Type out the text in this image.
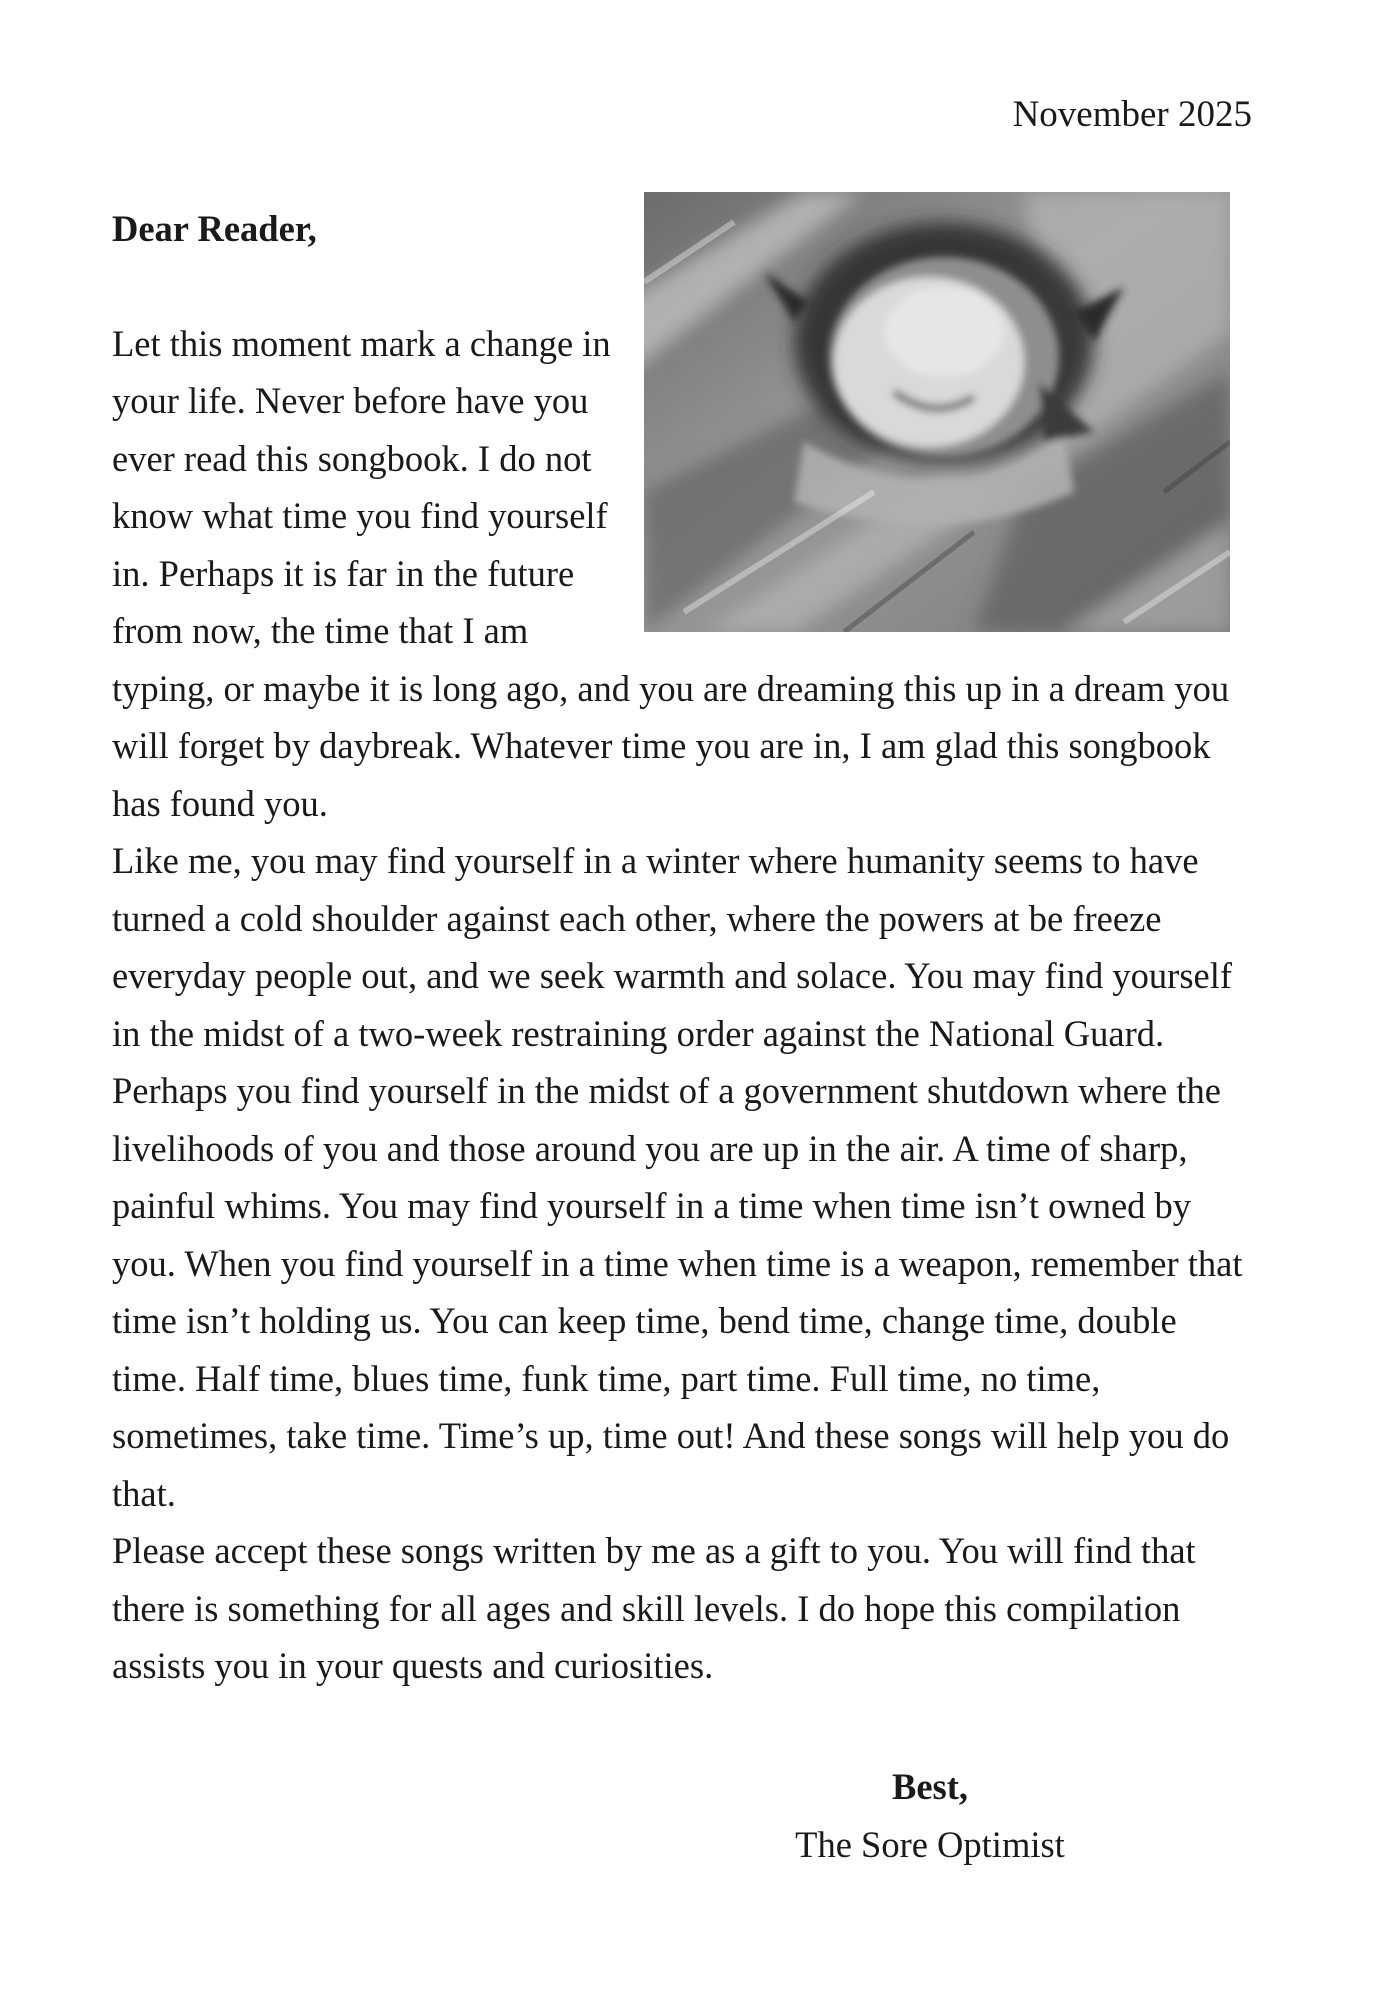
November 2025

Dear Reader,

Let this moment mark a change in your life. Never before have you ever read this songbook. I do not know what time you find yourself in. Perhaps it is far in the future from now, the time that I am typing, or maybe it is long ago, and you are dreaming this up in a dream you will forget by daybreak. Whatever time you are in, I am glad this songbook has found you.

Like me, you may find yourself in a winter where humanity seems to have turned a cold shoulder against each other, where the powers at be freeze everyday people out, and we seek warmth and solace. You may find yourself in the midst of a two-week restraining order against the National Guard. Perhaps you find yourself in the midst of a government shutdown where the livelihoods of you and those around you are up in the air. A time of sharp, painful whims. You may find yourself in a time when time isn’t owned by you. When you find yourself in a time when time is a weapon, remember that time isn’t holding us. You can keep time, bend time, change time, double time. Half time, blues time, funk time, part time. Full time, no time, sometimes, take time. Time’s up, time out! And these songs will help you do that.

Please accept these songs written by me as a gift to you. You will find that there is something for all ages and skill levels. I do hope this compilation assists you in your quests and curiosities.

Best,

The Sore Optimist
